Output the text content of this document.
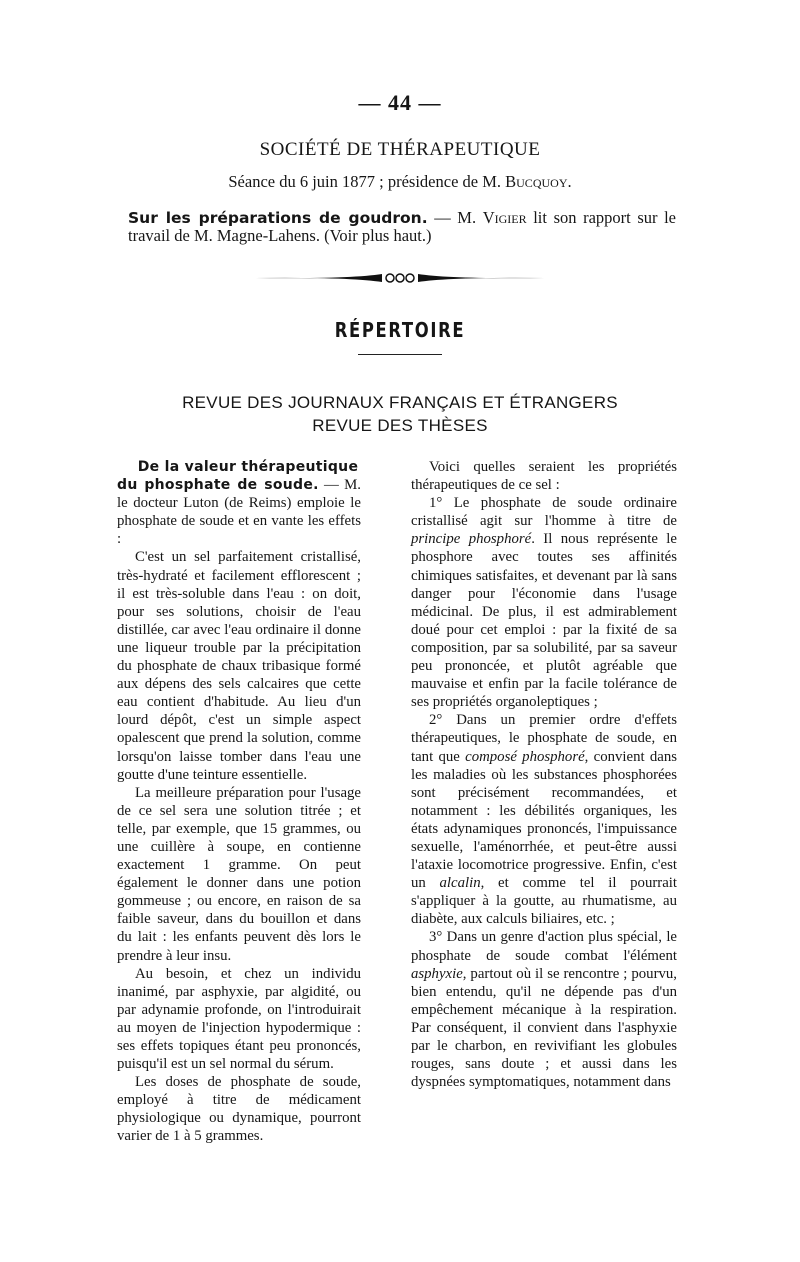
— 44 —
SOCIÉTÉ DE THÉRAPEUTIQUE
Séance du 6 juin 1877 ; présidence de M. Bucquoy.
Sur les préparations de goudron. — M. Vigier lit son rapport sur le travail de M. Magne-Lahens. (Voir plus haut.)
RÉPERTOIRE
REVUE DES JOURNAUX FRANÇAIS ET ÉTRANGERS
REVUE DES THÈSES

De la valeur thérapeutique

du phosphate de soude. — M. le docteur Luton (de Reims) emploie le phosphate de soude et en vante les effets :

C'est un sel parfaitement cristallisé, très-hydraté et facilement efflorescent ; il est très-soluble dans l'eau : on doit, pour ses solutions, choisir de l'eau distillée, car avec l'eau ordinaire il donne une liqueur trouble par la précipitation du phosphate de chaux tribasique formé aux dépens des sels calcaires que cette eau contient d'habitude. Au lieu d'un lourd dépôt, c'est un simple aspect opalescent que prend la solution, comme lorsqu'on laisse tomber dans l'eau une goutte d'une teinture essentielle.

La meilleure préparation pour l'usage de ce sel sera une solution titrée ; et telle, par exemple, que 15 grammes, ou une cuillère à soupe, en contienne exactement 1 gramme. On peut également le donner dans une potion gommeuse ; ou encore, en raison de sa faible saveur, dans du bouillon et dans du lait : les enfants peuvent dès lors le prendre à leur insu.

Au besoin, et chez un individu inanimé, par asphyxie, par algidité, ou par adynamie profonde, on l'introduirait au moyen de l'injection hypodermique : ses effets topiques étant peu prononcés, puisqu'il est un sel normal du sérum.

Les doses de phosphate de soude, employé à titre de médicament physiologique ou dynamique, pourront varier de 1 à 5 grammes.

Voici quelles seraient les propriétés thérapeutiques de ce sel :

1° Le phosphate de soude ordinaire cristallisé agit sur l'homme à titre de principe phosphoré. Il nous représente le phosphore avec toutes ses affinités chimiques satisfaites, et devenant par là sans danger pour l'économie dans l'usage médicinal. De plus, il est admirablement doué pour cet emploi : par la fixité de sa composition, par sa solubilité, par sa saveur peu prononcée, et plutôt agréable que mauvaise et enfin par la facile tolérance de ses propriétés organoleptiques ;

2° Dans un premier ordre d'effets thérapeutiques, le phosphate de soude, en tant que composé phosphoré, convient dans les maladies où les substances phosphorées sont précisément recommandées, et notamment : les débilités organiques, les états adynamiques prononcés, l'impuissance sexuelle, l'aménorrhée, et peut-être aussi l'ataxie locomotrice progressive. Enfin, c'est un alcalin, et comme tel il pourrait s'appliquer à la goutte, au rhumatisme, au diabète, aux calculs biliaires, etc. ;

3° Dans un genre d'action plus spécial, le phosphate de soude combat l'élément asphyxie, partout où il se rencontre ; pourvu, bien entendu, qu'il ne dépende pas d'un empêchement mécanique à la respiration. Par conséquent, il convient dans l'asphyxie par le charbon, en revivifiant les globules rouges, sans doute ; et aussi dans les dyspnées symptomatiques, notamment dans
